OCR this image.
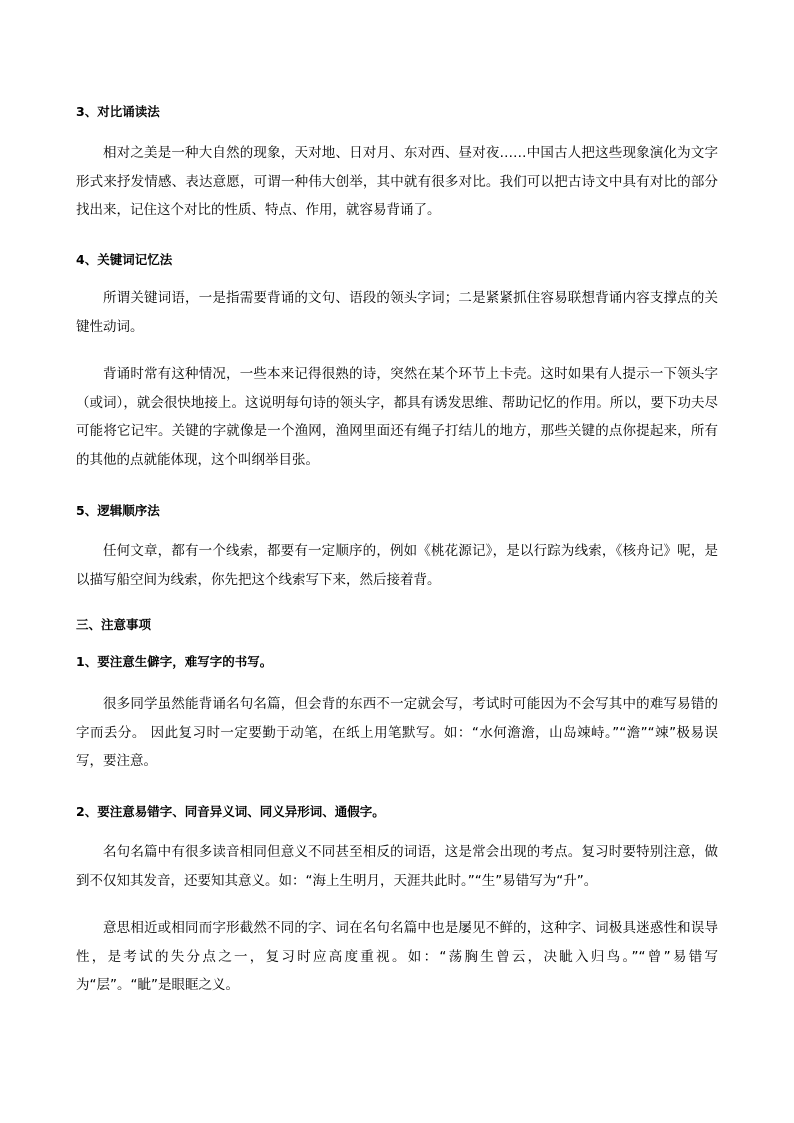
3、对比诵读法
相对之美是一种大自然的现象，天对地、日对月、东对西、昼对夜……中国古人把这些现象演化为文字形式来抒发情感、表达意愿，可谓一种伟大创举，其中就有很多对比。我们可以把古诗文中具有对比的部分找出来，记住这个对比的性质、特点、作用，就容易背诵了。
4、关键词记忆法
所谓关键词语，一是指需要背诵的文句、语段的领头字词；二是紧紧抓住容易联想背诵内容支撑点的关键性动词。
背诵时常有这种情况，一些本来记得很熟的诗，突然在某个环节上卡壳。这时如果有人提示一下领头字（或词），就会很快地接上。这说明每句诗的领头字，都具有诱发思维、帮助记忆的作用。所以，要下功夫尽可能将它记牢。关键的字就像是一个渔网，渔网里面还有绳子打结儿的地方，那些关键的点你提起来，所有的其他的点就能体现，这个叫纲举目张。
5、逻辑顺序法
任何文章，都有一个线索，都要有一定顺序的，例如《桃花源记》，是以行踪为线索，《核舟记》呢，是以描写船空间为线索，你先把这个线索写下来，然后接着背。
三、注意事项
1、要注意生僻字，难写字的书写。
很多同学虽然能背诵名句名篇，但会背的东西不一定就会写，考试时可能因为不会写其中的难写易错的字而丢分。 因此复习时一定要勤于动笔，在纸上用笔默写。如：“水何澹澹，山岛竦峙。”“澹”“竦”极易误写，要注意。
2、要注意易错字、同音异义词、同义异形词、通假字。
名句名篇中有很多读音相同但意义不同甚至相反的词语，这是常会出现的考点。复习时要特别注意，做到不仅知其发音，还要知其意义。如：“海上生明月，天涯共此时。”“生”易错写为“升”。
意思相近或相同而字形截然不同的字、词在名句名篇中也是屡见不鲜的，这种字、词极具迷惑性和误导性，是考试的失分点之一，复习时应高度重视。如：“荡胸生曾云，决眦入归鸟。”“曾”易错写为“层”。“眦”是眼眶之义。
